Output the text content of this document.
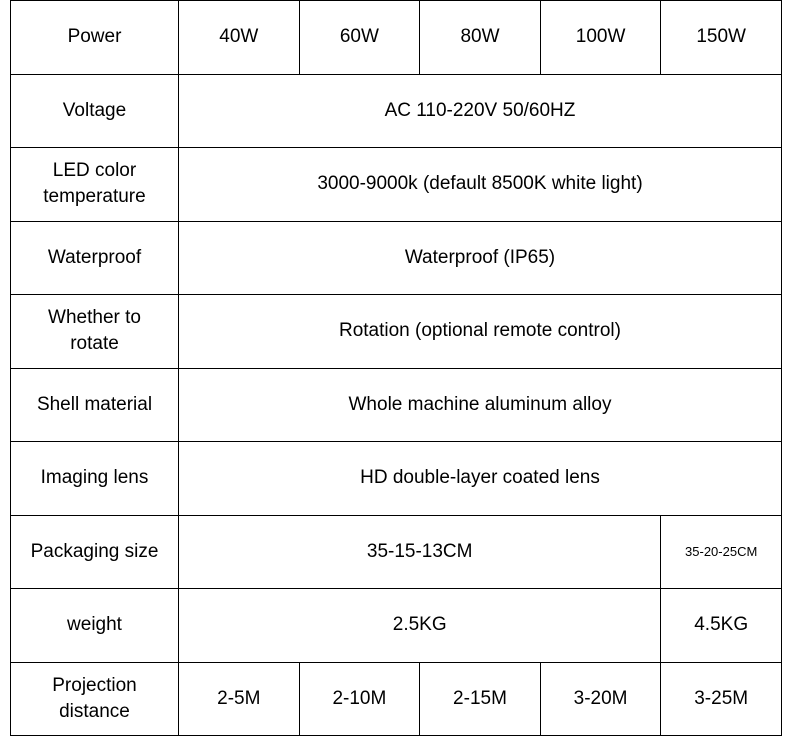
Power	40W	60W	80W	100W	150W
Voltage	AC 110-220V 50/60HZ				

LED color
temperature	3000-9000k (default 8500K white light)				
Waterproof	Waterproof (IP65)				

Whether to
rotate	Rotation (optional remote control)				
Shell material	Whole machine aluminum alloy				
Imaging lens	HD double-layer coated lens				
Packaging size	35-15-13CM				35-20-25CM
weight	2.5KG				4.5KG

Projection
distance	2-5M	2-10M	2-15M	3-20M	3-25M
